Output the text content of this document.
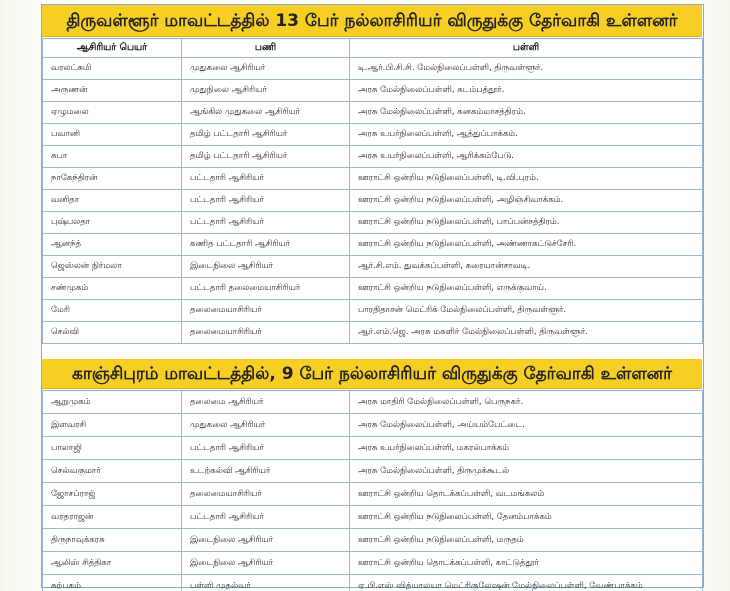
திருவள்ளூர் மாவட்டத்தில் 13 பேர் நல்லாசிரியர் விருதுக்கு தேர்வாகி உள்ளனர்
ஆசிரியர் பெயர்	பணி	பள்ளி
வரலட்சுமி	முதுகலை ஆசிரியர்	டி.ஆர்.பி.சி.சி. மேல்நிலைப்பள்ளி, திருவள்ளூர்.
அருணன்	முதுநிலை ஆசிரியர்	அரசு மேல்நிலைப்பள்ளி, கடம்பத்தூர்.
ஏழுமலை	ஆங்கில முதுகலை ஆசிரியர்	அரசு மேல்நிலைப்பள்ளி, கனகம்மாசத்திரம்.
பவானி	தமிழ் பட்டதாரி ஆசிரியர்	அரசு உயர்நிலைப்பள்ளி, ஆத்துப்பாக்கம்.
சுபா	தமிழ் பட்டதாரி ஆசிரியர்	அரசு உயர்நிலைப்பள்ளி, ஆரிக்கம்பேடு.
நாகேந்திரன்	பட்டதாரி ஆசிரியர்	ஊராட்சி ஒன்றிய நடுநிலைப்பள்ளி, டி.வி.புரம்.
வனிதா	பட்டதாரி ஆசிரியர்	ஊராட்சி ஒன்றிய நடுநிலைப்பள்ளி, அழிஞ்சிவாக்கம்.
புஷ்பலதா	பட்டதாரி ஆசிரியர்	ஊராட்சி ஒன்றிய நடுநிலைப்பள்ளி, பாப்பன்சத்திரம்.
ஆனந்த்	கணித பட்டதாரி ஆசிரியர்	ஊராட்சி ஒன்றிய நடுநிலைப்பள்ளி, அண்ணாகட்டுச்சேரி.
ஜெஸ்லன் நிர்மலா	இடைநிலை ஆசிரியர்	ஆர்.சி.எம். துவக்கப்பள்ளி, கரையான்சாவடி.
சண்முகம்	பட்டதாரி தலைமையாசிரியர்	ஊராட்சி ஒன்றிய நடுநிலைப்பள்ளி, எருக்குவாய்.
மேரி	தலைமையாசிரியர்	பாரதிதாசன் மெட்ரிக் மேல்நிலைப்பள்ளி, திருவள்ளூர்.
செல்வி	தலைமையாசிரியர்	ஆர்.எம்.ஜெ. அரசு மகளிர் மேல்நிலைப்பள்ளி, திருவள்ளூர்.
காஞ்சிபுரம் மாவட்டத்தில், 9 பேர் நல்லாசிரியர் விருதுக்கு தேர்வாகி உள்ளனர்
ஆறுமுகம்	தலைமை ஆசிரியர்	அரசு மாதிரி மேல்நிலைப்பள்ளி, பெருநகர்.
இளவரசி	முதுகலை ஆசிரியர்	அரசு மேல்நிலைப்பள்ளி, அய்யம்பேட்டை.
பாலாஜி	பட்டதாரி ஆசிரியர்	அரசு உயர்நிலைப்பள்ளி, மகரல்பாக்கம்
செல்வகுமார்	உடற்கல்வி ஆசிரியர்	அரசு மேல்நிலைப்பள்ளி, திருமுக்கூடல்
ஜோசப்ராஜ்	தலைமையாசிரியர்	ஊராட்சி ஒன்றிய தொடக்கப்பள்ளி, வடமங்கலம்
வரதராஜன்	பட்டதாரி ஆசிரியர்	ஊராட்சி ஒன்றிய நடுநிலைப்பள்ளி, தேனம்பாக்கம்
திருநாவுக்கரசு	இடைநிலை ஆசிரியர்	ஊராட்சி ஒன்றிய நடுநிலைப்பள்ளி, மருதம்
ஆலிஸ் சித்திகா	இடைநிலை ஆசிரியர்	ஊராட்சி ஒன்றிய தொடக்கப்பள்ளி, காட்டுத்தூர்
சுற்பகம்	பள்ளி முதல்வர்	ஏ.பி.எஸ் வித்யாலயா மெட்ரிகுலேஷன் மேல்நிலைப்பள்ளி, வேண்பாக்கம்
